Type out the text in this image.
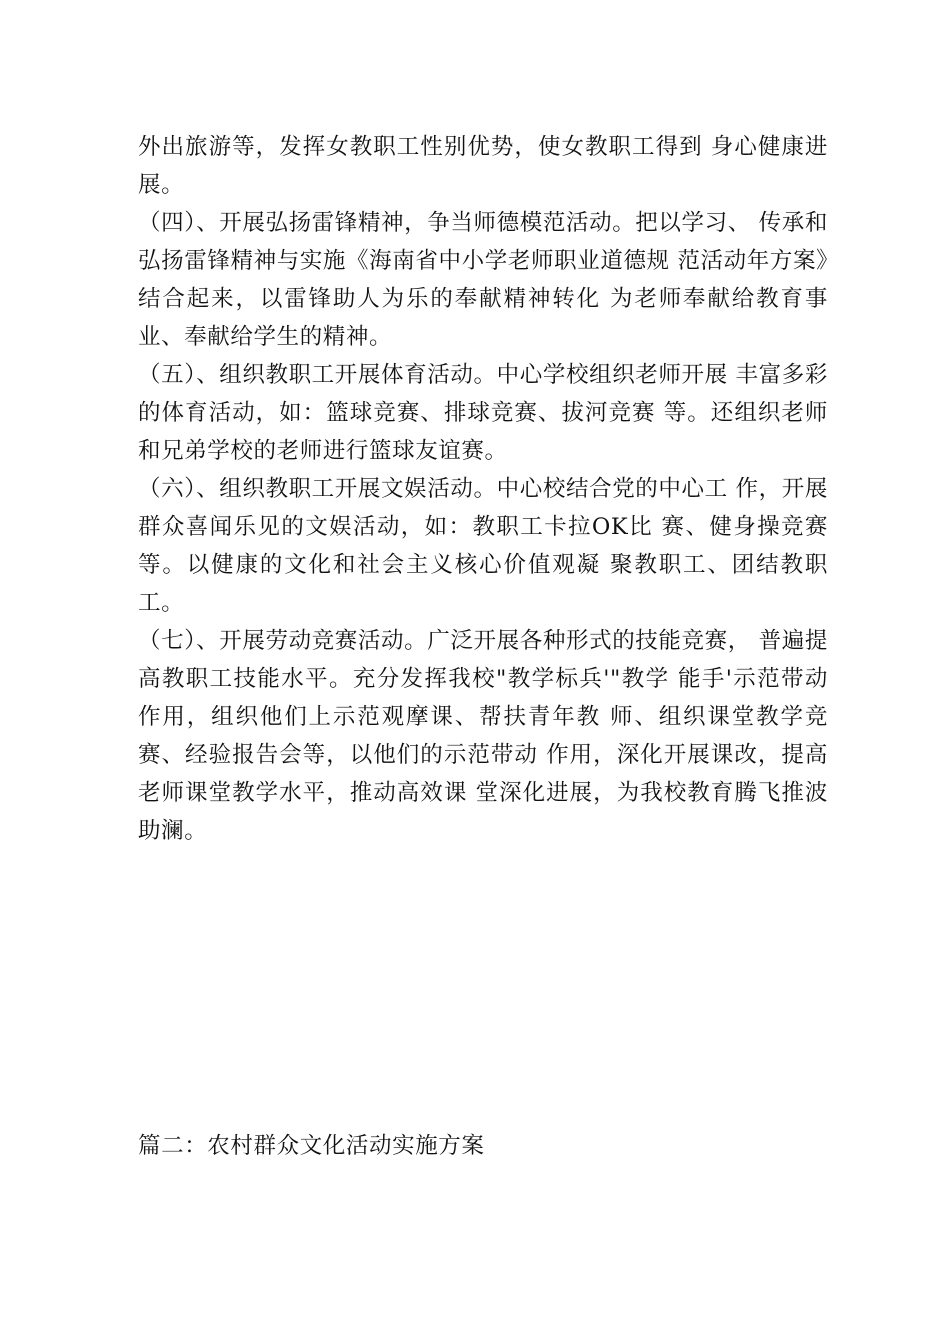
外出旅游等，发挥女教职工性别优势，使女教职工得到 身心健康进展。

（四）、开展弘扬雷锋精神，争当师德模范活动。把以学习、 传承和弘扬雷锋精神与实施《海南省中小学老师职业道德规 范活动年方案》结合起来，以雷锋助人为乐的奉献精神转化 为老师奉献给教育事业、奉献给学生的精神。

（五）、组织教职工开展体育活动。中心学校组织老师开展 丰富多彩的体育活动，如：篮球竞赛、排球竞赛、拔河竞赛 等。还组织老师和兄弟学校的老师进行篮球友谊赛。

（六）、组织教职工开展文娱活动。中心校结合党的中心工 作，开展群众喜闻乐见的文娱活动，如：教职工卡拉OK比 赛、健身操竞赛等。以健康的文化和社会主义核心价值观凝 聚教职工、团结教职工。

（七）、开展劳动竞赛活动。广泛开展各种形式的技能竞赛， 普遍提高教职工技能水平。充分发挥我校"教学标兵'"教学 能手'示范带动作用，组织他们上示范观摩课、帮扶青年教 师、组织课堂教学竞赛、经验报告会等，以他们的示范带动 作用，深化开展课改，提高老师课堂教学水平，推动高效课 堂深化进展，为我校教育腾飞推波助澜。

篇二：农村群众文化活动实施方案
